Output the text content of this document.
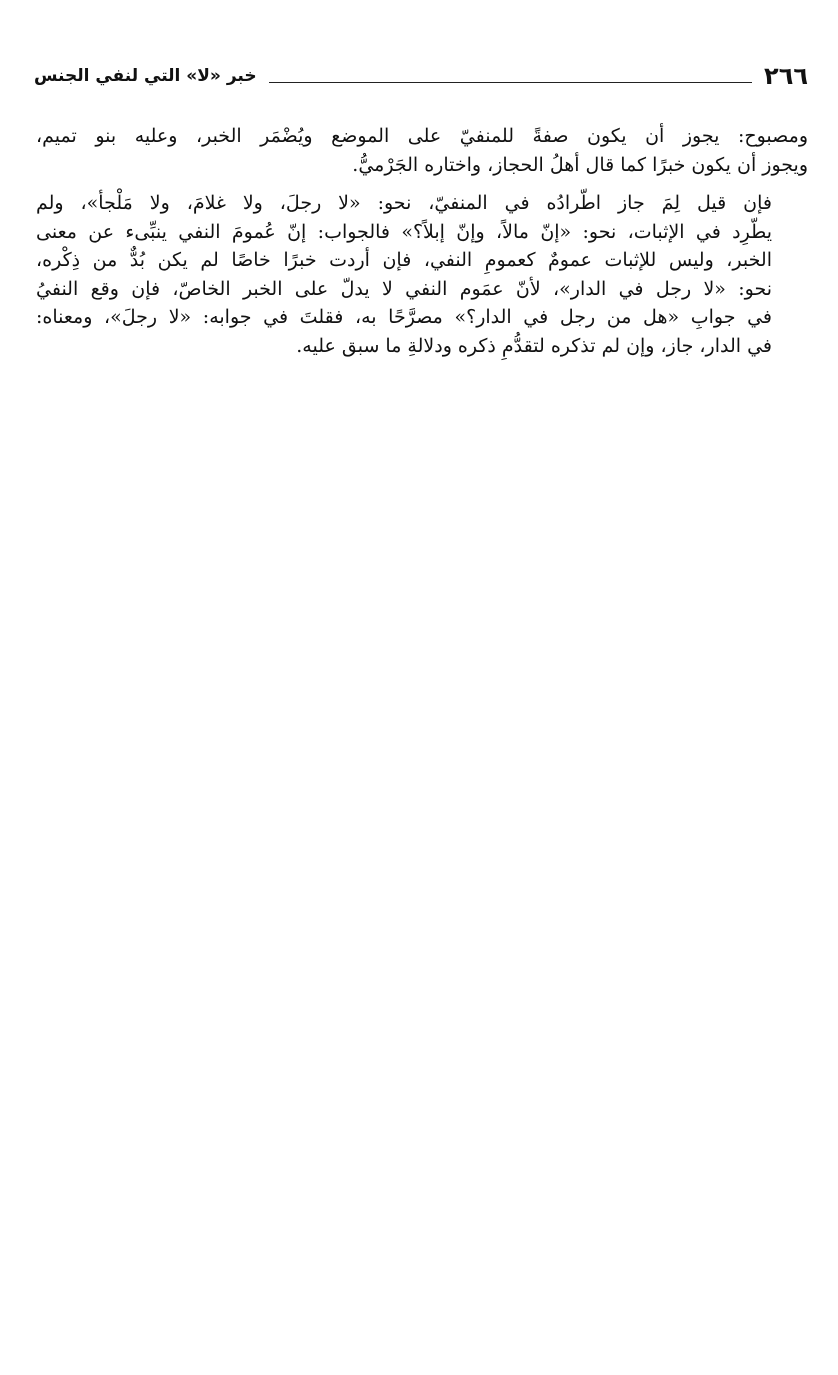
٢٦٦
خبر «لا» التي لنفي الجنس

ومصبوح: يجوز أن يكون صفةً للمنفيّ على الموضع ويُضْمَر الخبر، وعليه بنو تميم،
ويجوز أن يكون خبرًا كما قال أهلُ الحجاز، واختاره الجَرْميُّ.

فإن قيل لِمَ جاز اطّرادُه في المنفيّ، نحو: «لا رجلَ، ولا غلامَ، ولا مَلْجأ»، ولم
يطّرِد في الإثبات، نحو: «إنّ مالاً، وإنّ إبلاً؟» فالجواب: إنّ عُمومَ النفي ينبِّىء عن معنى
الخبر، وليس للإثبات عمومٌ كعمومِ النفي، فإن أردت خبرًا خاصًا لم يكن بُدٌّ من ذِكْره،
نحو: «لا رجل في الدار»، لأنّ عمَوم النفي لا يدلّ على الخبر الخاصّ، فإن وقع النفيُ
في جوابِ «هل من رجل في الدار؟» مصرَّحًا به، فقلتَ في جوابه: «لا رجلَ»، ومعناه:
في الدار، جاز، وإن لم تذكره لتقدُّمِ ذكره ودلالةِ ما سبق عليه.
